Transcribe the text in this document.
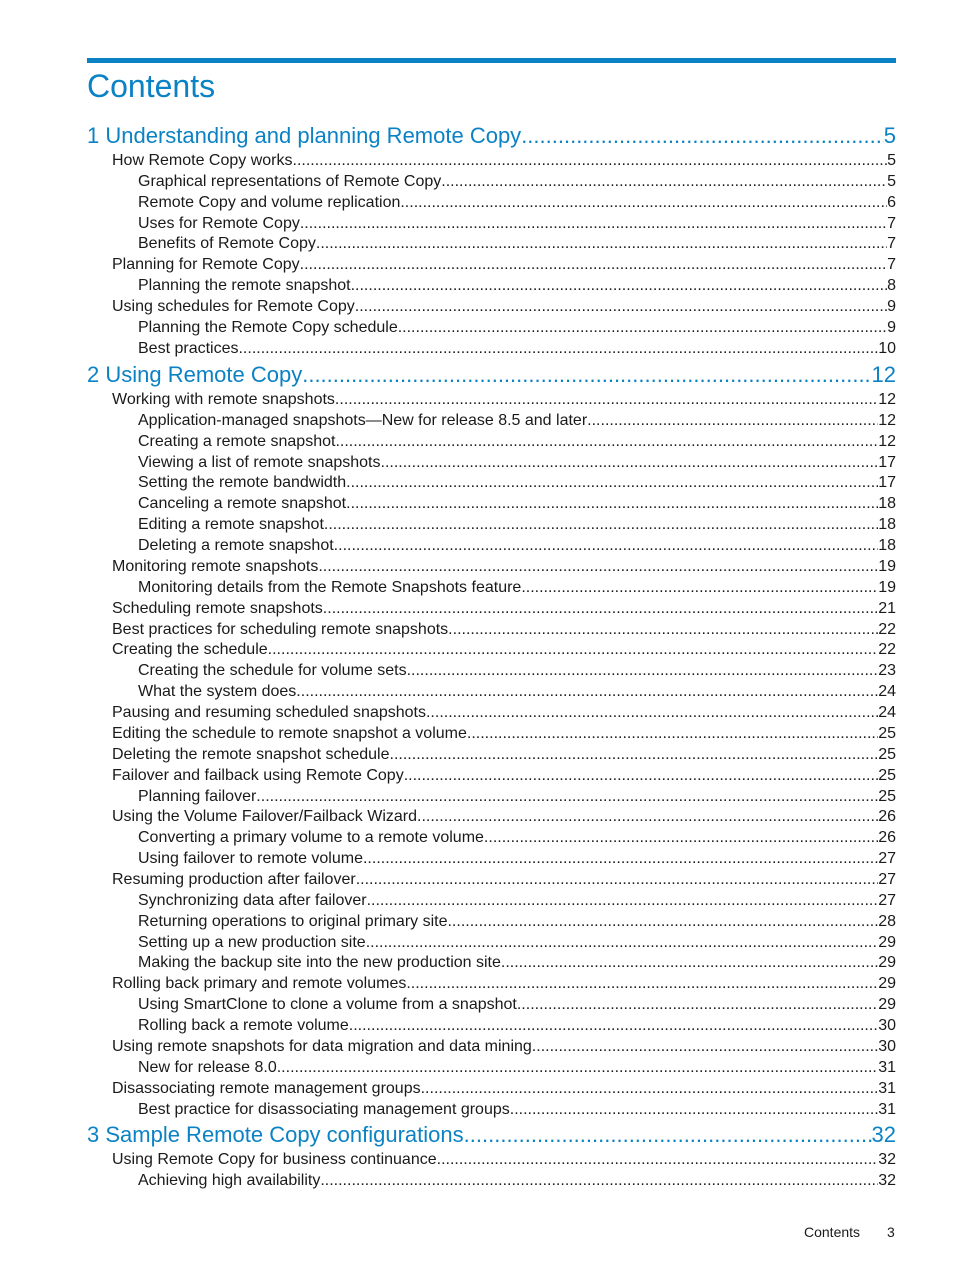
Contents
1 Understanding and planning Remote Copy .....	5
How Remote Copy works .....	5
Graphical representations of Remote Copy .....	5
Remote Copy and volume replication .....	6
Uses for Remote Copy .....	7
Benefits of Remote Copy .....	7
Planning for Remote Copy .....	7
Planning the remote snapshot .....	8
Using schedules for Remote Copy .....	9
Planning the Remote Copy schedule .....	9
Best practices .....	10
2 Using Remote Copy .....	12
Working with remote snapshots .....	12
Application-managed snapshots—New for release 8.5 and later .....	12
Creating a remote snapshot .....	12
Viewing a list of remote snapshots .....	17
Setting the remote bandwidth .....	17
Canceling a remote snapshot .....	18
Editing a remote snapshot .....	18
Deleting a remote snapshot .....	18
Monitoring remote snapshots .....	19
Monitoring details from the Remote Snapshots feature .....	19
Scheduling remote snapshots .....	21
Best practices for scheduling remote snapshots .....	22
Creating the schedule .....	22
Creating the schedule for volume sets .....	23
What the system does .....	24
Pausing and resuming scheduled snapshots .....	24
Editing the schedule to remote snapshot a volume .....	25
Deleting the remote snapshot schedule .....	25
Failover and failback using Remote Copy .....	25
Planning failover .....	25
Using the Volume Failover/Failback Wizard .....	26
Converting a primary volume to a remote volume .....	26
Using failover to remote volume .....	27
Resuming production after failover .....	27
Synchronizing data after failover .....	27
Returning operations to original primary site .....	28
Setting up a new production site .....	29
Making the backup site into the new production site .....	29
Rolling back primary and remote volumes .....	29
Using SmartClone to clone a volume from a snapshot .....	29
Rolling back a remote volume .....	30
Using remote snapshots for data migration and data mining .....	30
New for release 8.0 .....	31
Disassociating remote management groups .....	31
Best practice for disassociating management groups .....	31
3 Sample Remote Copy configurations .....	32
Using Remote Copy for business continuance .....	32
Achieving high availability .....	32
Contents 3
